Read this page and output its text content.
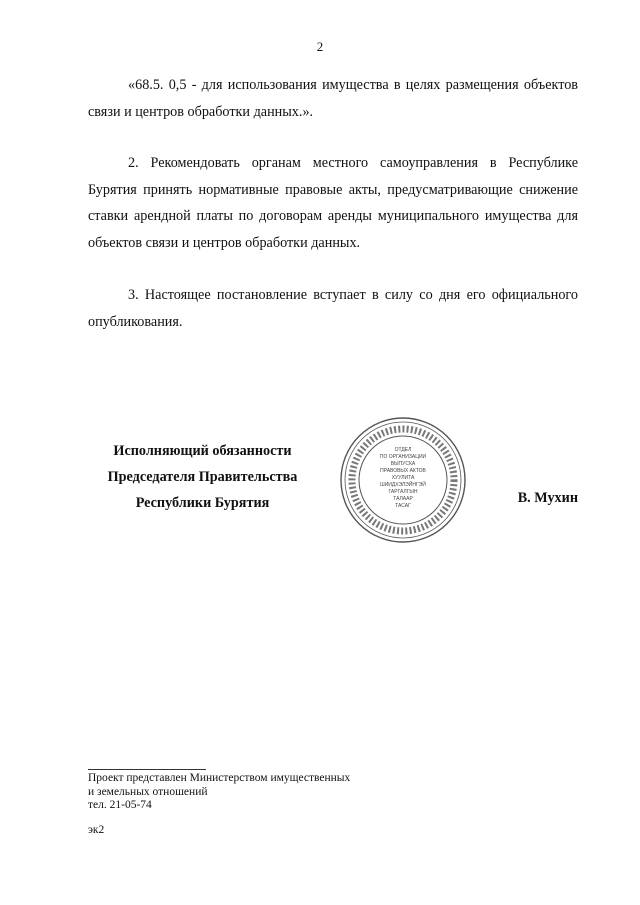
2

«68.5. 0,5 - для использования имущества в целях размещения объектов связи и центров обработки данных.».

2. Рекомендовать органам местного самоуправления в Республике Бурятия принять нормативные правовые акты, предусматривающие снижение ставки арендной платы по договорам аренды муниципального имущества для объектов связи и центров обработки данных.

3. Настоящее постановление вступает в силу со дня его официального опубликования.

Исполняющий обязанности
Председателя Правительства
Республики Бурятия
ОТДЕЛ
ПО ОРГАНИЗАЦИИ
ВЫПУСКА
ПРАВОВЫХ АКТОВ
ХУУЛИТА
ШИИДХЭЛЭЙНГЭЙ
ГАРГАЛГЫН
ТАЛААР
ТАСАГ	В. Мухин
Проект представлен Министерством имущественных
и земельных отношений
тел. 21-05-74
эк2
